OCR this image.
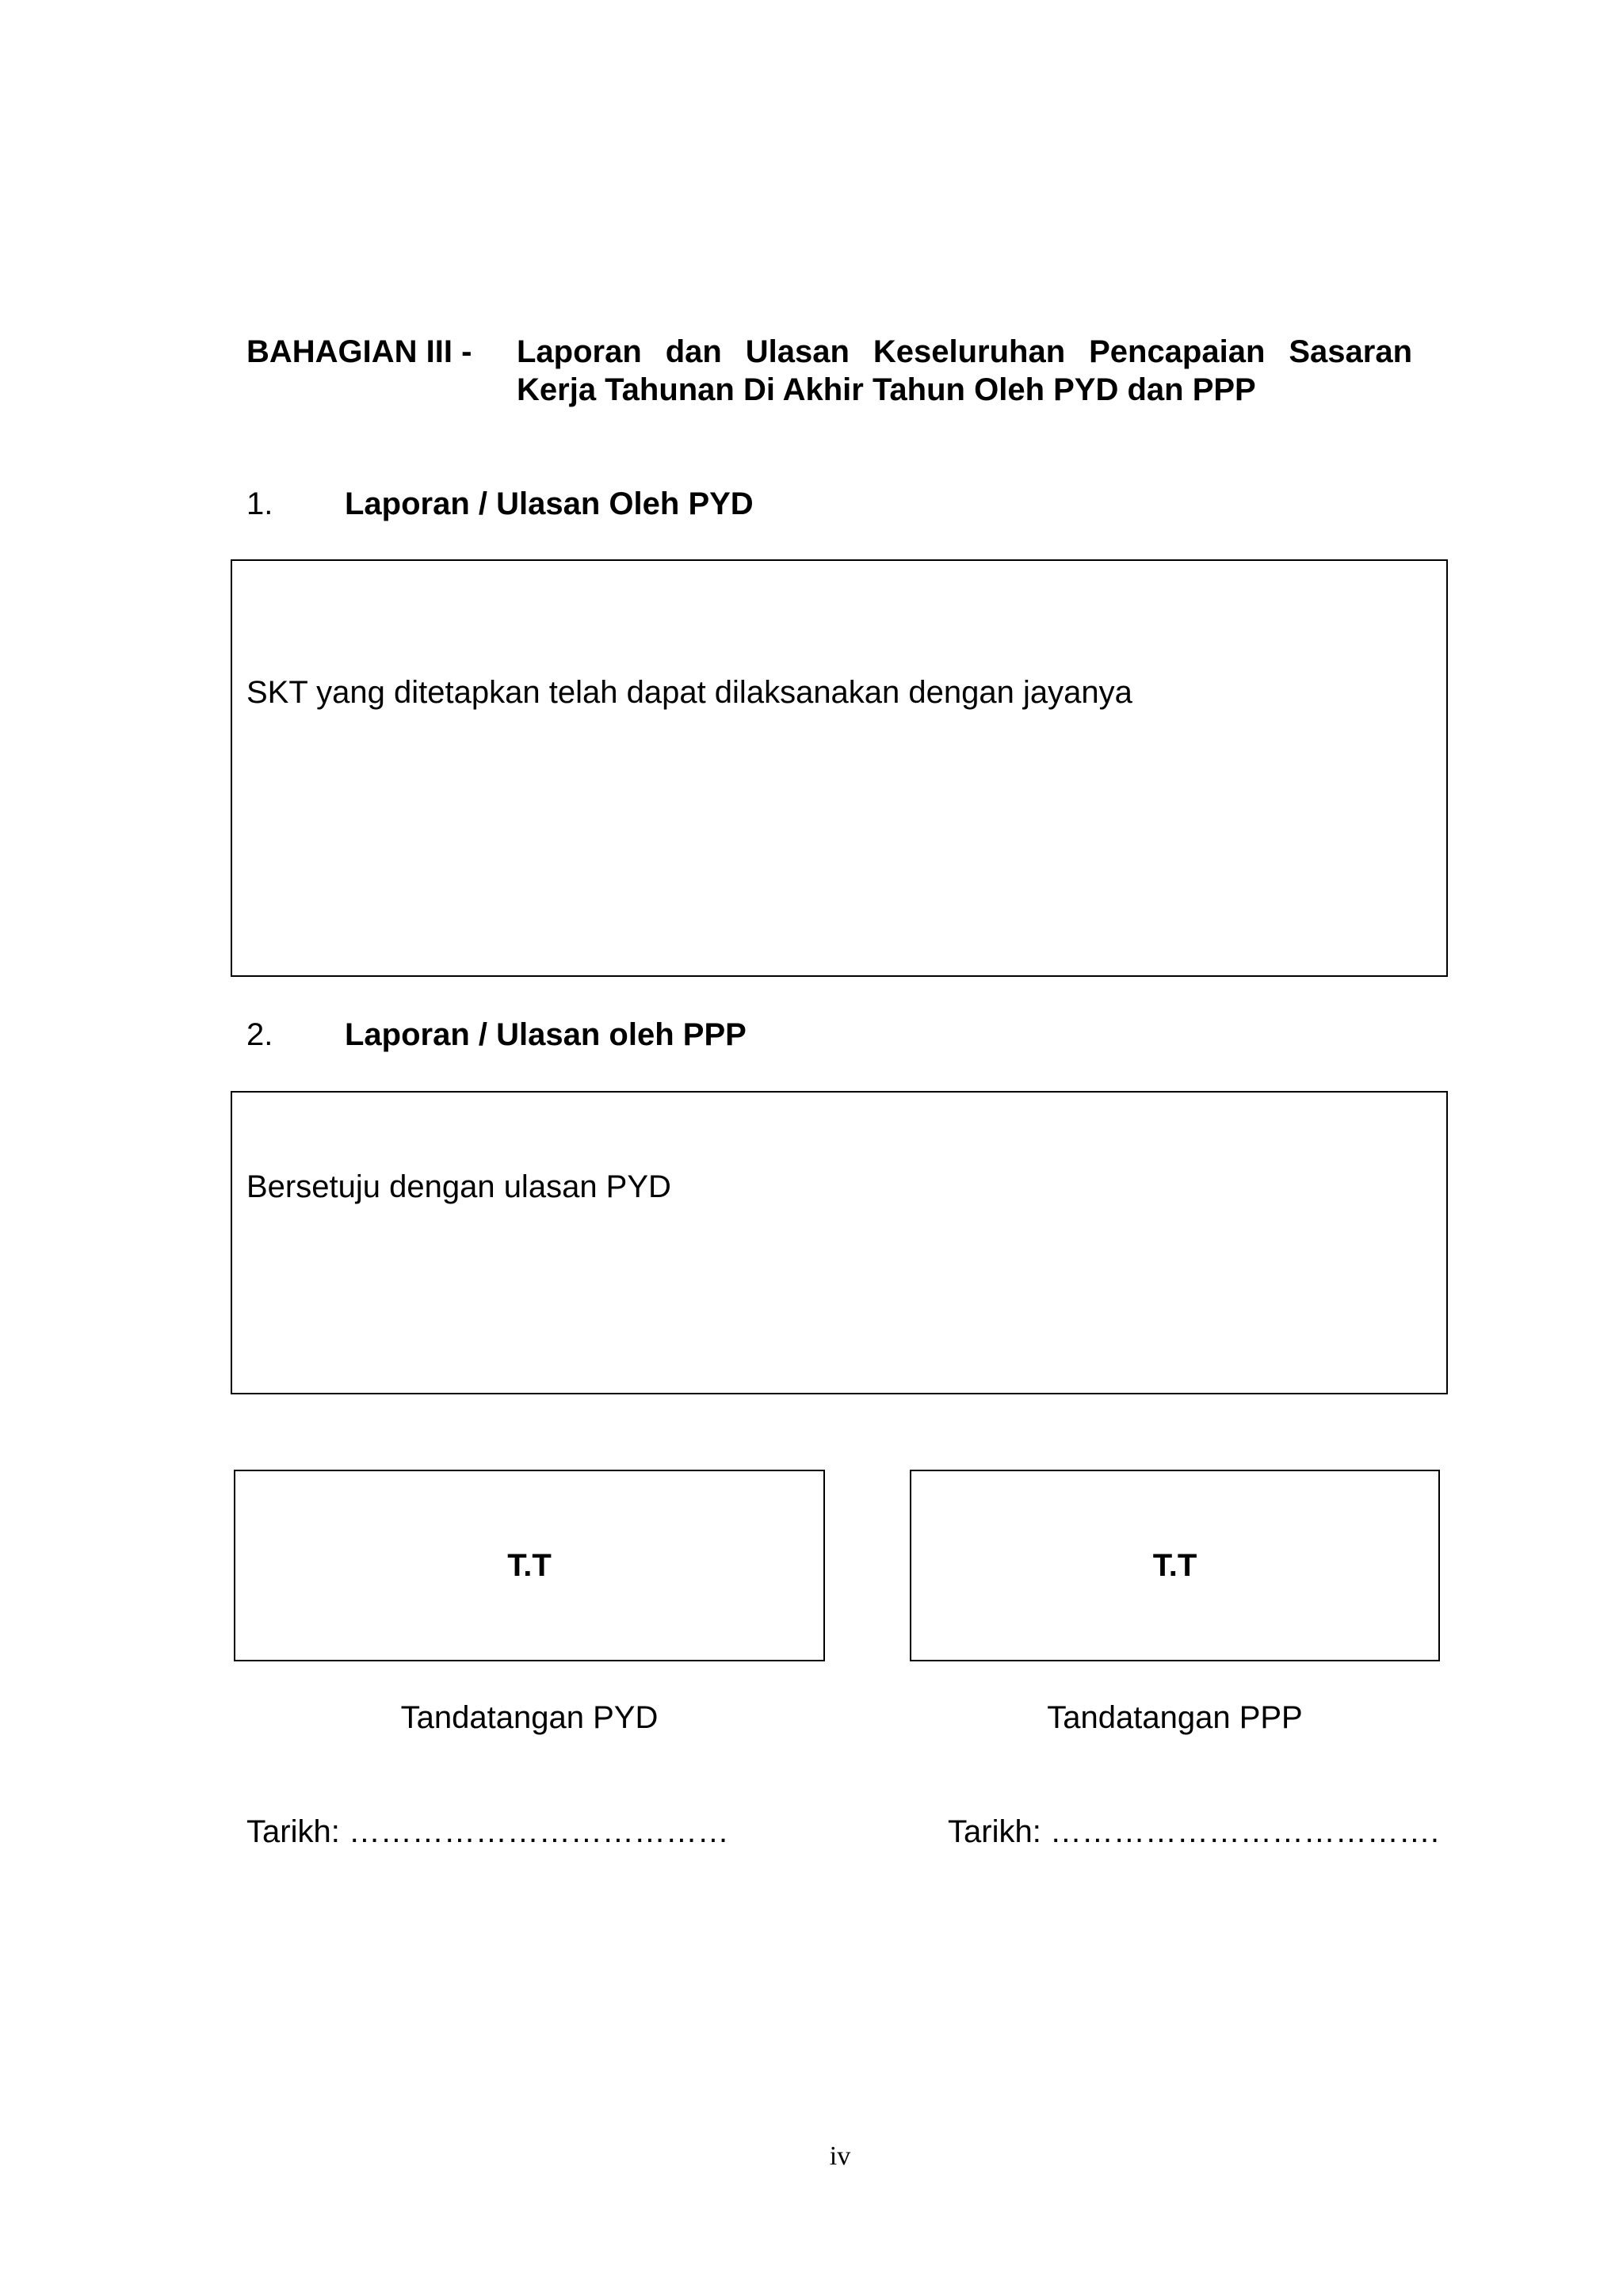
BAHAGIAN III - Laporan dan Ulasan Keseluruhan Pencapaian Sasaran
Kerja Tahunan Di Akhir Tahun Oleh PYD dan PPP
1. Laporan / Ulasan Oleh PYD
SKT yang ditetapkan telah dapat dilaksanakan dengan jayanya
2. Laporan / Ulasan oleh PPP
Bersetuju dengan ulasan PYD
T.T	T.T
Tandatangan PYD	Tandatangan PPP
Tarikh: ………………………………	Tarikh: ……………………………….
iv
